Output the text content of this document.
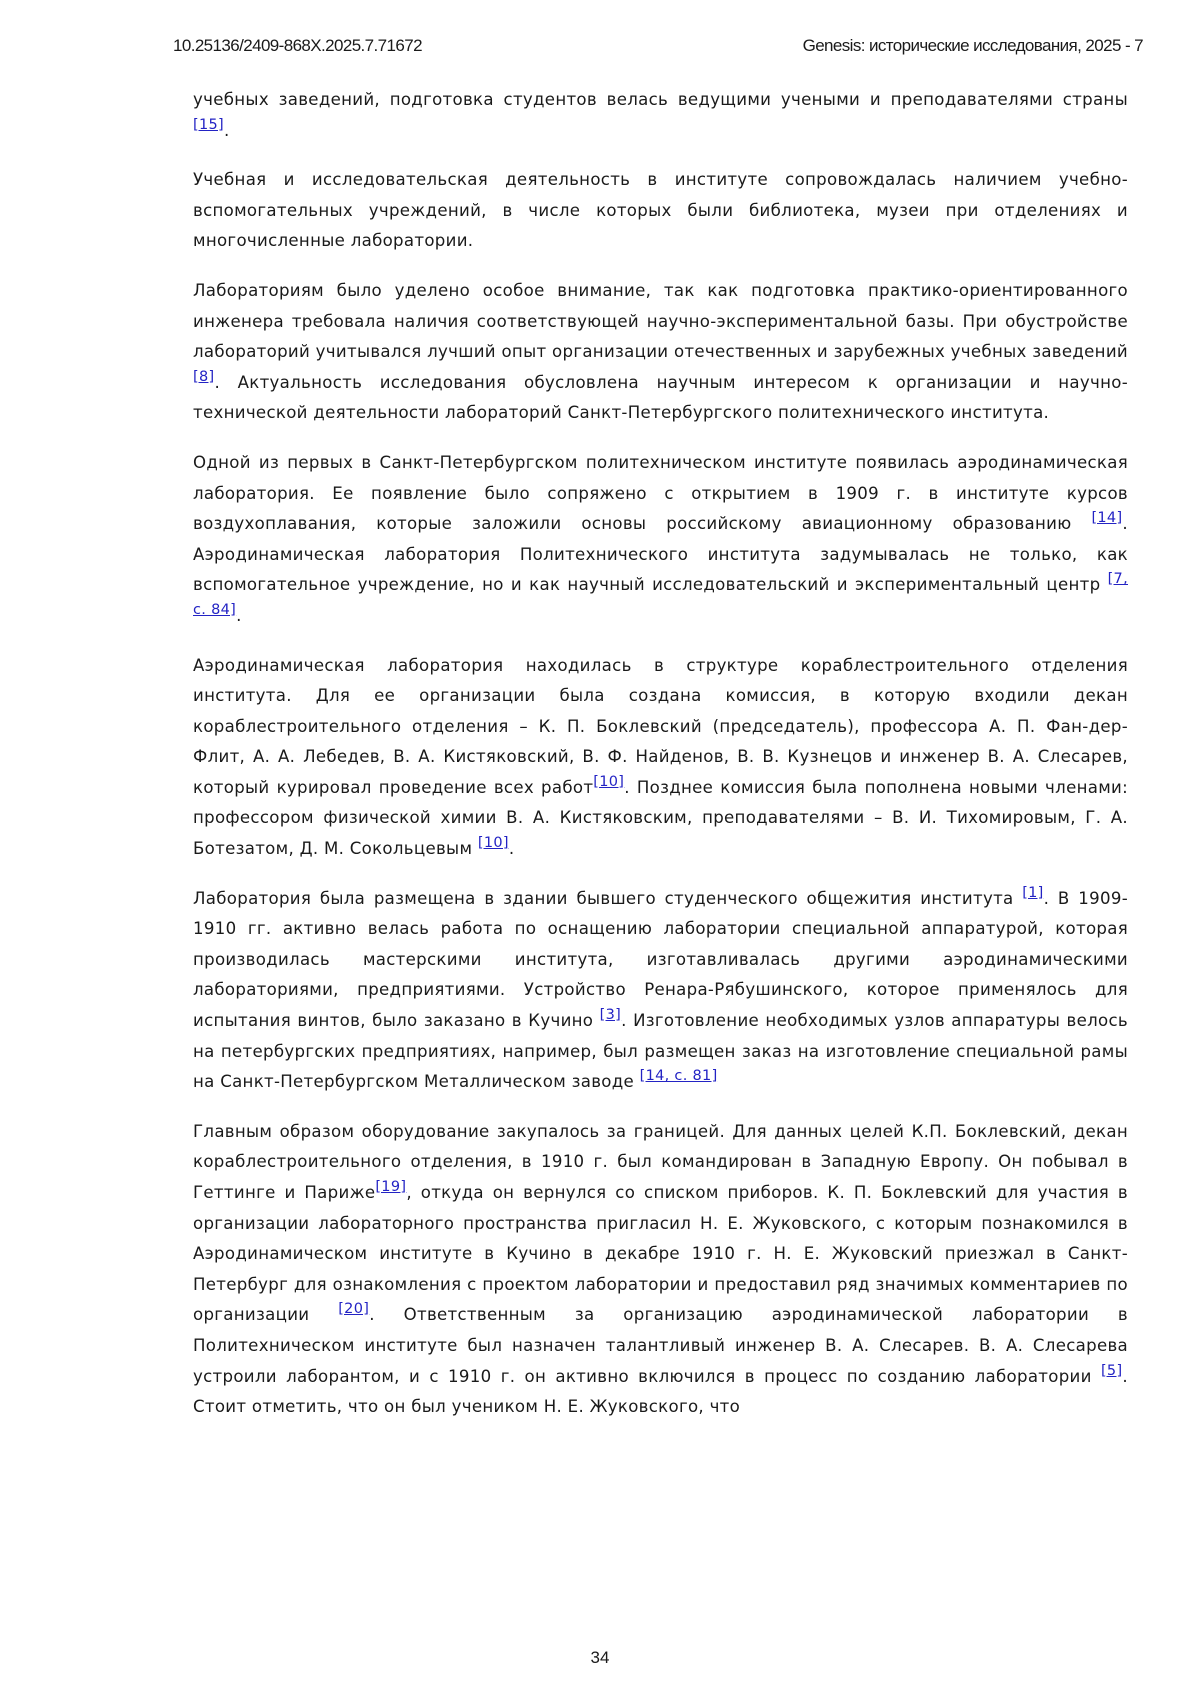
10.25136/2409-868X.2025.7.71672	Genesis: исторические исследования, 2025 - 7

учебных заведений, подготовка студентов велась ведущими учеными и преподавателями страны [15].

Учебная и исследовательская деятельность в институте сопровождалась наличием учебно-вспомогательных учреждений, в числе которых были библиотека, музеи при отделениях и многочисленные лаборатории.

Лабораториям было уделено особое внимание, так как подготовка практико-ориентированного инженера требовала наличия соответствующей научно-экспериментальной базы. При обустройстве лабораторий учитывался лучший опыт организации отечественных и зарубежных учебных заведений [8]. Актуальность исследования обусловлена научным интересом к организации и научно-технической деятельности лабораторий Санкт-Петербургского политехнического института.

Одной из первых в Санкт-Петербургском политехническом институте появилась аэродинамическая лаборатория. Ее появление было сопряжено с открытием в 1909 г. в институте курсов воздухоплавания, которые заложили основы российскому авиационному образованию [14]. Аэродинамическая лаборатория Политехнического института задумывалась не только, как вспомогательное учреждение, но и как научный исследовательский и экспериментальный центр [7, с. 84].

Аэродинамическая лаборатория находилась в структуре кораблестроительного отделения института. Для ее организации была создана комиссия, в которую входили декан кораблестроительного отделения – К. П. Боклевский (председатель), профессора А. П. Фан-дер-Флит, А. А. Лебедев, В. А. Кистяковский, В. Ф. Найденов, В. В. Кузнецов и инженер В. А. Слесарев, который курировал проведение всех работ[10]. Позднее комиссия была пополнена новыми членами: профессором физической химии В. А. Кистяковским, преподавателями – В. И. Тихомировым, Г. А. Ботезатом, Д. М. Сокольцевым [10].

Лаборатория была размещена в здании бывшего студенческого общежития института [1]. В 1909-1910 гг. активно велась работа по оснащению лаборатории специальной аппаратурой, которая производилась мастерскими института, изготавливалась другими аэродинамическими лабораториями, предприятиями. Устройство Ренара-Рябушинского, которое применялось для испытания винтов, было заказано в Кучино [3]. Изготовление необходимых узлов аппаратуры велось на петербургских предприятиях, например, был размещен заказ на изготовление специальной рамы на Санкт-Петербургском Металлическом заводе [14, с. 81]

Главным образом оборудование закупалось за границей. Для данных целей К.П. Боклевский, декан кораблестроительного отделения, в 1910 г. был командирован в Западную Европу. Он побывал в Геттинге и Париже[19], откуда он вернулся со списком приборов. К. П. Боклевский для участия в организации лабораторного пространства пригласил Н. Е. Жуковского, с которым познакомился в Аэродинамическом институте в Кучино в декабре 1910 г. Н. Е. Жуковский приезжал в Санкт-Петербург для ознакомления с проектом лаборатории и предоставил ряд значимых комментариев по организации [20]. Ответственным за организацию аэродинамической лаборатории в Политехническом институте был назначен талантливый инженер В. А. Слесарев. В. А. Слесарева устроили лаборантом, и с 1910 г. он активно включился в процесс по созданию лаборатории [5]. Стоит отметить, что он был учеником Н. Е. Жуковского, что

34
